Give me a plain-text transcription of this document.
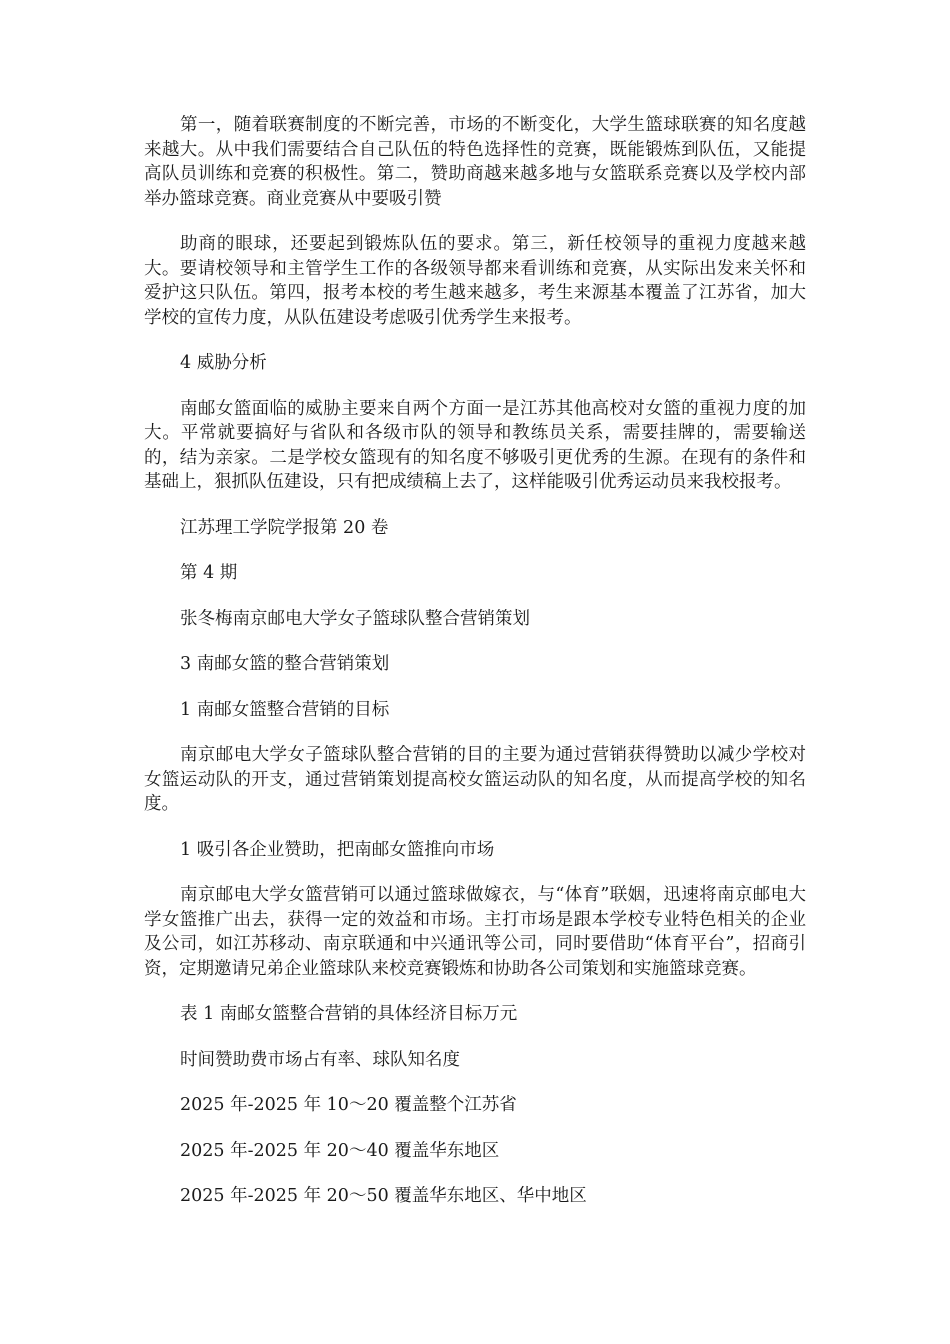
第一，随着联赛制度的不断完善，市场的不断变化，大学生篮球联赛的知名度越来越大。从中我们需要结合自己队伍的特色选择性的竞赛，既能锻炼到队伍，又能提高队员训练和竞赛的积极性。第二，赞助商越来越多地与女篮联系竞赛以及学校内部举办篮球竞赛。商业竞赛从中要吸引赞

助商的眼球，还要起到锻炼队伍的要求。第三，新任校领导的重视力度越来越大。要请校领导和主管学生工作的各级领导都来看训练和竞赛，从实际出发来关怀和爱护这只队伍。第四，报考本校的考生越来越多，考生来源基本覆盖了江苏省，加大学校的宣传力度，从队伍建设考虑吸引优秀学生来报考。

4 威胁分析

南邮女篮面临的威胁主要来自两个方面一是江苏其他高校对女篮的重视力度的加大。平常就要搞好与省队和各级市队的领导和教练员关系，需要挂牌的，需要输送的，结为亲家。二是学校女篮现有的知名度不够吸引更优秀的生源。在现有的条件和基础上，狠抓队伍建设，只有把成绩稿上去了，这样能吸引优秀运动员来我校报考。

江苏理工学院学报第 20 卷

第 4 期

张冬梅南京邮电大学女子篮球队整合营销策划

3 南邮女篮的整合营销策划

1 南邮女篮整合营销的目标

南京邮电大学女子篮球队整合营销的目的主要为通过营销获得赞助以减少学校对女篮运动队的开支，通过营销策划提高校女篮运动队的知名度，从而提高学校的知名度。

1 吸引各企业赞助，把南邮女篮推向市场

南京邮电大学女篮营销可以通过篮球做嫁衣，与“体育”联姻，迅速将南京邮电大学女篮推广出去，获得一定的效益和市场。主打市场是跟本学校专业特色相关的企业及公司，如江苏移动、南京联通和中兴通讯等公司，同时要借助“体育平台”，招商引资，定期邀请兄弟企业篮球队来校竞赛锻炼和协助各公司策划和实施篮球竞赛。

表 1 南邮女篮整合营销的具体经济目标万元

时间赞助费市场占有率、球队知名度

2025 年-2025 年 10～20 覆盖整个江苏省

2025 年-2025 年 20～40 覆盖华东地区

2025 年-2025 年 20～50 覆盖华东地区、华中地区
